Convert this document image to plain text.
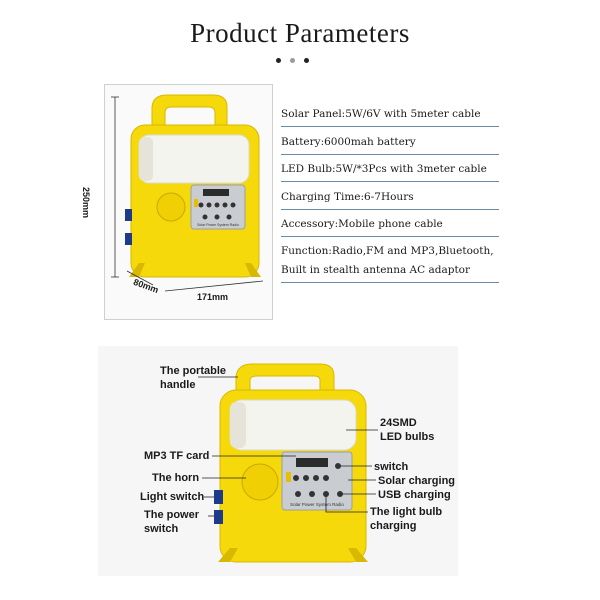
Product Parameters
Solar Power System Radio
250mm
80mm
171mm
Solar Panel:5W/6V with 5meter cable
Battery:6000mah battery
LED Bulb:5W/*3Pcs with 3meter cable
Charging Time:6-7Hours
Accessory:Mobile phone cable
Function:Radio,FM and MP3,Bluetooth,
Built in stealth antenna AC adaptor
Solar Power System Radio
The portable
handle
24SMD
LED bulbs
MP3 TF card
The horn
Light switch
The power
switch
switch
Solar charging
USB charging
The light bulb
charging
